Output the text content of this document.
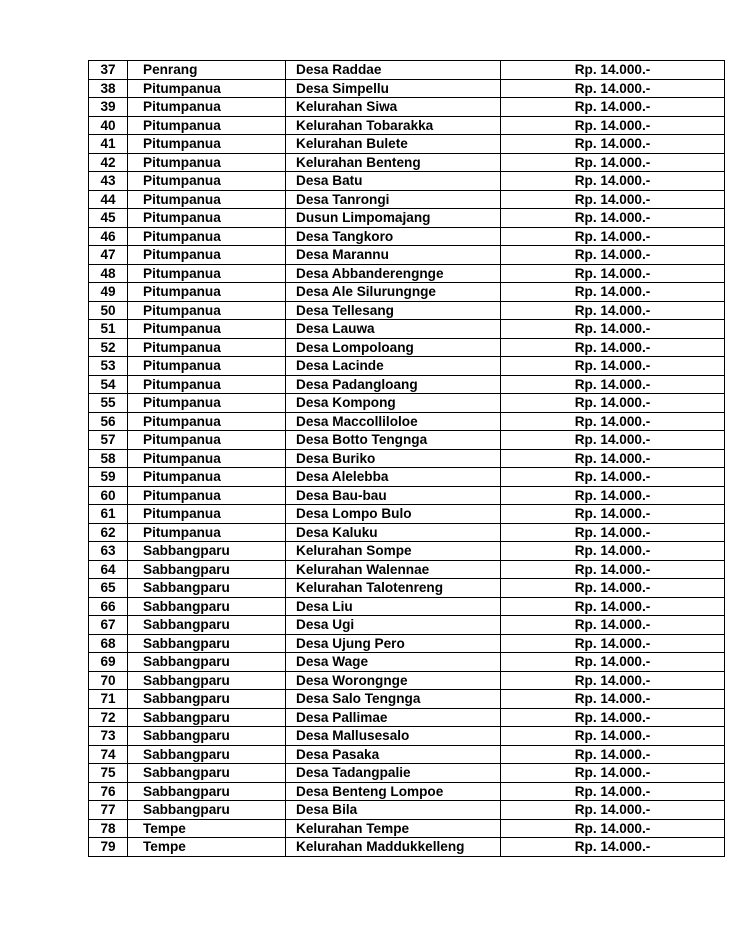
37	Penrang	Desa Raddae	Rp. 14.000.-
38	Pitumpanua	Desa Simpellu	Rp. 14.000.-
39	Pitumpanua	Kelurahan Siwa	Rp. 14.000.-
40	Pitumpanua	Kelurahan Tobarakka	Rp. 14.000.-
41	Pitumpanua	Kelurahan Bulete	Rp. 14.000.-
42	Pitumpanua	Kelurahan Benteng	Rp. 14.000.-
43	Pitumpanua	Desa Batu	Rp. 14.000.-
44	Pitumpanua	Desa Tanrongi	Rp. 14.000.-
45	Pitumpanua	Dusun Limpomajang	Rp. 14.000.-
46	Pitumpanua	Desa Tangkoro	Rp. 14.000.-
47	Pitumpanua	Desa Marannu	Rp. 14.000.-
48	Pitumpanua	Desa Abbanderengnge	Rp. 14.000.-
49	Pitumpanua	Desa Ale Silurungnge	Rp. 14.000.-
50	Pitumpanua	Desa Tellesang	Rp. 14.000.-
51	Pitumpanua	Desa Lauwa	Rp. 14.000.-
52	Pitumpanua	Desa Lompoloang	Rp. 14.000.-
53	Pitumpanua	Desa Lacinde	Rp. 14.000.-
54	Pitumpanua	Desa Padangloang	Rp. 14.000.-
55	Pitumpanua	Desa Kompong	Rp. 14.000.-
56	Pitumpanua	Desa Maccolliloloe	Rp. 14.000.-
57	Pitumpanua	Desa Botto Tengnga	Rp. 14.000.-
58	Pitumpanua	Desa Buriko	Rp. 14.000.-
59	Pitumpanua	Desa Alelebba	Rp. 14.000.-
60	Pitumpanua	Desa Bau-bau	Rp. 14.000.-
61	Pitumpanua	Desa Lompo Bulo	Rp. 14.000.-
62	Pitumpanua	Desa Kaluku	Rp. 14.000.-
63	Sabbangparu	Kelurahan Sompe	Rp. 14.000.-
64	Sabbangparu	Kelurahan Walennae	Rp. 14.000.-
65	Sabbangparu	Kelurahan Talotenreng	Rp. 14.000.-
66	Sabbangparu	Desa Liu	Rp. 14.000.-
67	Sabbangparu	Desa Ugi	Rp. 14.000.-
68	Sabbangparu	Desa Ujung Pero	Rp. 14.000.-
69	Sabbangparu	Desa Wage	Rp. 14.000.-
70	Sabbangparu	Desa Worongnge	Rp. 14.000.-
71	Sabbangparu	Desa Salo Tengnga	Rp. 14.000.-
72	Sabbangparu	Desa Pallimae	Rp. 14.000.-
73	Sabbangparu	Desa Mallusesalo	Rp. 14.000.-
74	Sabbangparu	Desa Pasaka	Rp. 14.000.-
75	Sabbangparu	Desa Tadangpalie	Rp. 14.000.-
76	Sabbangparu	Desa Benteng Lompoe	Rp. 14.000.-
77	Sabbangparu	Desa Bila	Rp. 14.000.-
78	Tempe	Kelurahan Tempe	Rp. 14.000.-
79	Tempe	Kelurahan Maddukkelleng	Rp. 14.000.-
